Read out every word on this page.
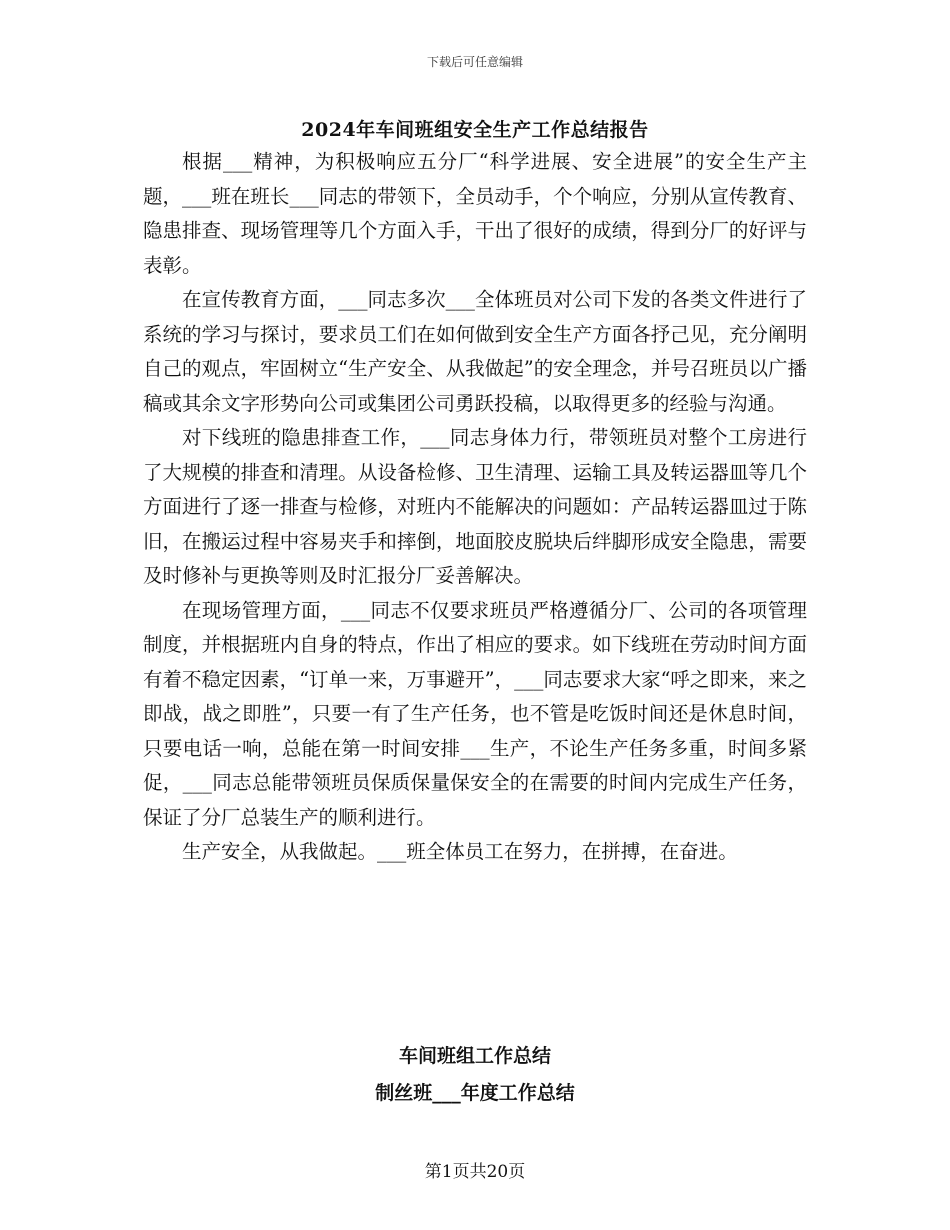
下载后可任意编辑
2024年车间班组安全生产工作总结报告

根据___精神，为积极响应五分厂“科学进展、安全进展”的安全生产主题，___班在班长___同志的带领下，全员动手，个个响应，分别从宣传教育、隐患排查、现场管理等几个方面入手，干出了很好的成绩，得到分厂的好评与表彰。

在宣传教育方面，___同志多次___全体班员对公司下发的各类文件进行了系统的学习与探讨，要求员工们在如何做到安全生产方面各抒己见，充分阐明自己的观点，牢固树立“生产安全、从我做起”的安全理念，并号召班员以广播稿或其余文字形势向公司或集团公司勇跃投稿，以取得更多的经验与沟通。

对下线班的隐患排查工作，___同志身体力行，带领班员对整个工房进行了大规模的排查和清理。从设备检修、卫生清理、运输工具及转运器皿等几个方面进行了逐一排查与检修，对班内不能解决的问题如：产品转运器皿过于陈旧，在搬运过程中容易夹手和摔倒，地面胶皮脱块后绊脚形成安全隐患，需要及时修补与更换等则及时汇报分厂妥善解决。

在现场管理方面，___同志不仅要求班员严格遵循分厂、公司的各项管理制度，并根据班内自身的特点，作出了相应的要求。如下线班在劳动时间方面有着不稳定因素，“订单一来，万事避开”，___同志要求大家“呼之即来，来之即战，战之即胜”，只要一有了生产任务，也不管是吃饭时间还是休息时间，只要电话一响，总能在第一时间安排___生产，不论生产任务多重，时间多紧促，___同志总能带领班员保质保量保安全的在需要的时间内完成生产任务，保证了分厂总装生产的顺利进行。

生产安全，从我做起。___班全体员工在努力，在拼搏，在奋进。

车间班组工作总结
制丝班___年度工作总结
第1页共20页
